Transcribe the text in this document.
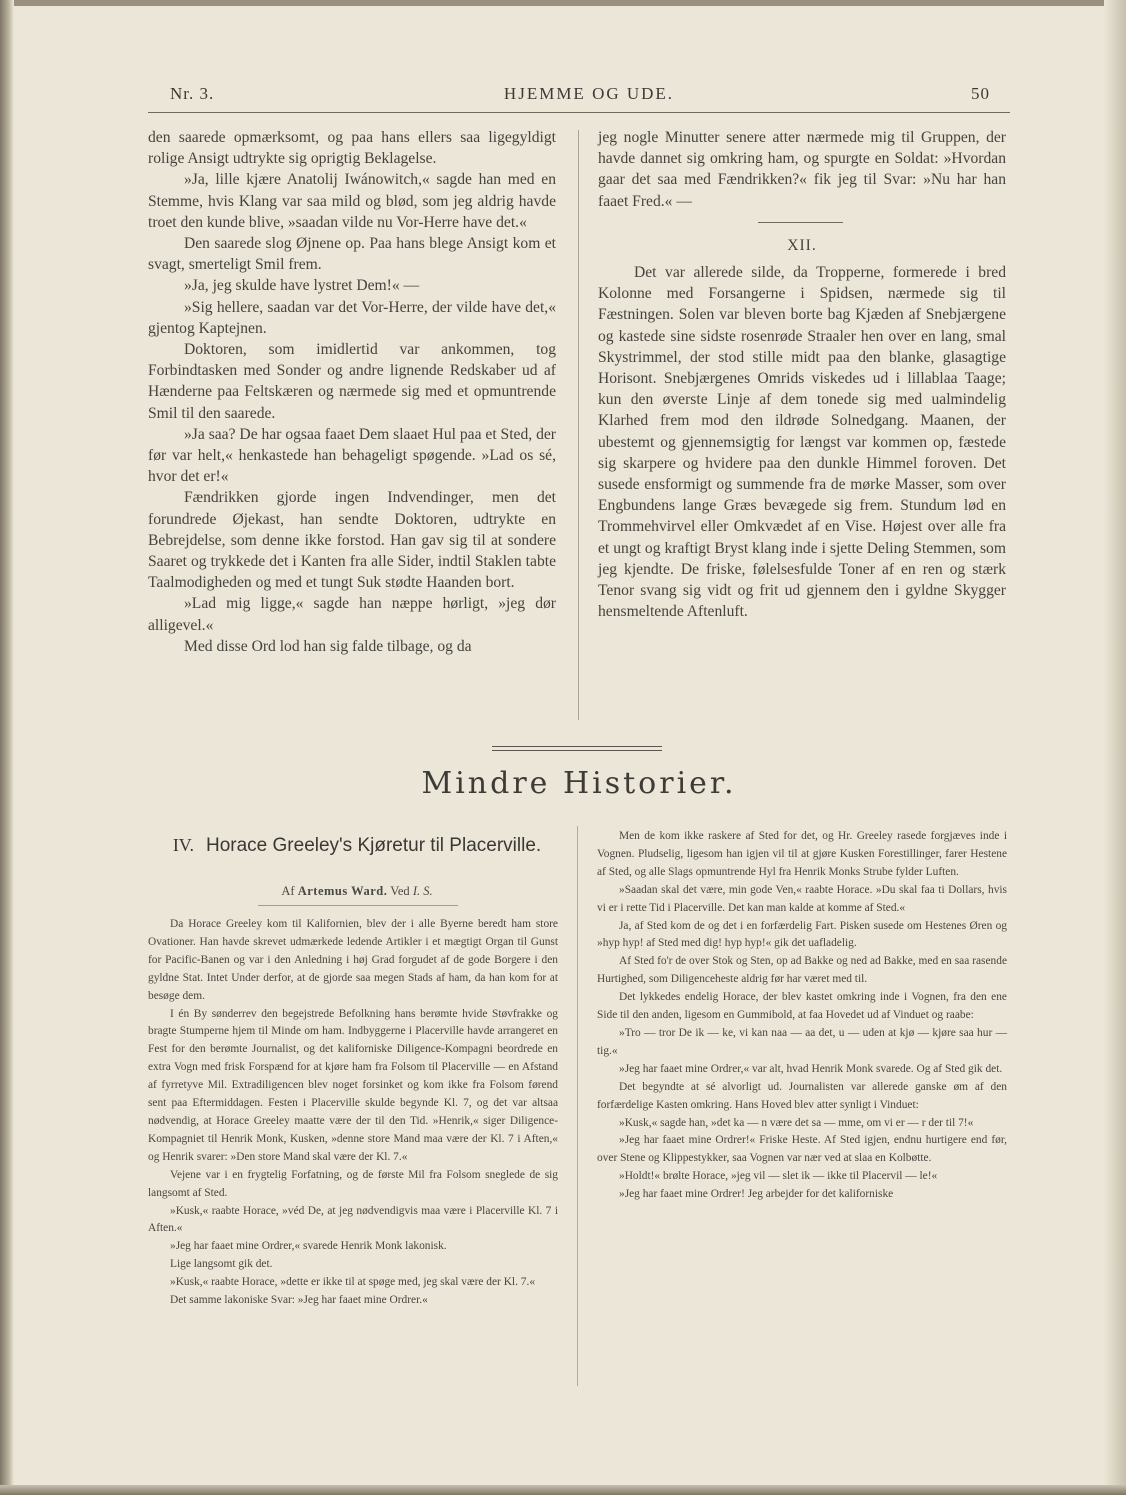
Nr. 3.	HJEMME OG UDE.	50

den saarede opmærksomt, og paa hans ellers saa ligegyldigt rolige Ansigt udtrykte sig oprigtig Beklagelse.

»Ja, lille kjære Anatolij Iwánowitch,« sagde han med en Stemme, hvis Klang var saa mild og blød, som jeg aldrig havde troet den kunde blive, »saadan vilde nu Vor-Herre have det.«

Den saarede slog Øjnene op. Paa hans blege Ansigt kom et svagt, smerteligt Smil frem.

»Ja, jeg skulde have lystret Dem!« —

»Sig hellere, saadan var det Vor-Herre, der vilde have det,« gjentog Kaptejnen.

Doktoren, som imidlertid var ankommen, tog Forbindtasken med Sonder og andre lignende Redskaber ud af Hænderne paa Feltskæren og nærmede sig med et opmuntrende Smil til den saarede.

»Ja saa? De har ogsaa faaet Dem slaaet Hul paa et Sted, der før var helt,« henkastede han behageligt spøgende. »Lad os sé, hvor det er!«

Fændrikken gjorde ingen Indvendinger, men det forundrede Øjekast, han sendte Doktoren, udtrykte en Bebrejdelse, som denne ikke forstod. Han gav sig til at sondere Saaret og trykkede det i Kanten fra alle Sider, indtil Staklen tabte Taalmodigheden og med et tungt Suk stødte Haanden bort.

»Lad mig ligge,« sagde han næppe hørligt, »jeg dør alligevel.«

Med disse Ord lod han sig falde tilbage, og da

jeg nogle Minutter senere atter nærmede mig til Gruppen, der havde dannet sig omkring ham, og spurgte en Soldat: »Hvordan gaar det saa med Fændrikken?« fik jeg til Svar: »Nu har han faaet Fred.« —

XII.

Det var allerede silde, da Tropperne, formerede i bred Kolonne med Forsangerne i Spidsen, nærmede sig til Fæstningen. Solen var bleven borte bag Kjæden af Snebjærgene og kastede sine sidste rosenrøde Straaler hen over en lang, smal Skystrimmel, der stod stille midt paa den blanke, glasagtige Horisont. Snebjærgenes Omrids viskedes ud i lillablaa Taage; kun den øverste Linje af dem tonede sig med ualmindelig Klarhed frem mod den ildrøde Solnedgang. Maanen, der ubestemt og gjennemsigtig for længst var kommen op, fæstede sig skarpere og hvidere paa den dunkle Himmel foroven. Det susede ensformigt og summende fra de mørke Masser, som over Engbundens lange Græs bevægede sig frem. Stundum lød en Trommehvirvel eller Omkvædet af en Vise. Højest over alle fra et ungt og kraftigt Bryst klang inde i sjette Deling Stemmen, som jeg kjendte. De friske, følelsesfulde Toner af en ren og stærk Tenor svang sig vidt og frit ud gjennem den i gyldne Skygger hensmeltende Aftenluft.

Mindre Historier.
IV. Horace Greeley's Kjøretur til Placerville.
Af Artemus Ward. Ved I. S.

Da Horace Greeley kom til Kalifornien, blev der i alle Byerne beredt ham store Ovationer. Han havde skrevet udmærkede ledende Artikler i et mægtigt Organ til Gunst for Pacific-Banen og var i den Anledning i høj Grad forgudet af de gode Borgere i den gyldne Stat. Intet Under derfor, at de gjorde saa megen Stads af ham, da han kom for at besøge dem.

I én By sønderrev den begejstrede Befolkning hans berømte hvide Støvfrakke og bragte Stumperne hjem til Minde om ham. Indbyggerne i Placerville havde arrangeret en Fest for den berømte Journalist, og det kaliforniske Diligence-Kompagni beordrede en extra Vogn med frisk Forspænd for at kjøre ham fra Folsom til Placerville — en Afstand af fyrretyve Mil. Extradiligencen blev noget forsinket og kom ikke fra Folsom førend sent paa Eftermiddagen. Festen i Placerville skulde begynde Kl. 7, og det var altsaa nødvendig, at Horace Greeley maatte være der til den Tid. »Henrik,« siger Diligence-Kompagniet til Henrik Monk, Kusken, »denne store Mand maa være der Kl. 7 i Aften,« og Henrik svarer: »Den store Mand skal være der Kl. 7.«

Vejene var i en frygtelig Forfatning, og de første Mil fra Folsom sneglede de sig langsomt af Sted.

»Kusk,« raabte Horace, »véd De, at jeg nødvendigvis maa være i Placerville Kl. 7 i Aften.«

»Jeg har faaet mine Ordrer,« svarede Henrik Monk lakonisk.

Lige langsomt gik det.

»Kusk,« raabte Horace, »dette er ikke til at spøge med, jeg skal være der Kl. 7.«

Det samme lakoniske Svar: »Jeg har faaet mine Ordrer.«

Men de kom ikke raskere af Sted for det, og Hr. Greeley rasede forgjæves inde i Vognen. Pludselig, ligesom han igjen vil til at gjøre Kusken Forestillinger, farer Hestene af Sted, og alle Slags opmuntrende Hyl fra Henrik Monks Strube fylder Luften.

»Saadan skal det være, min gode Ven,« raabte Horace. »Du skal faa ti Dollars, hvis vi er i rette Tid i Placerville. Det kan man kalde at komme af Sted.«

Ja, af Sted kom de og det i en forfærdelig Fart. Pisken susede om Hestenes Øren og »hyp hyp! af Sted med dig! hyp hyp!« gik det uafladelig.

Af Sted fo'r de over Stok og Sten, op ad Bakke og ned ad Bakke, med en saa rasende Hurtighed, som Diligenceheste aldrig før har været med til.

Det lykkedes endelig Horace, der blev kastet omkring inde i Vognen, fra den ene Side til den anden, ligesom en Gummibold, at faa Hovedet ud af Vinduet og raabe:

»Tro — tror De ik — ke, vi kan naa — aa det, u — uden at kjø — kjøre saa hur — tig.«

»Jeg har faaet mine Ordrer,« var alt, hvad Henrik Monk svarede. Og af Sted gik det.

Det begyndte at sé alvorligt ud. Journalisten var allerede ganske øm af den forfærdelige Kasten omkring. Hans Hoved blev atter synligt i Vinduet:

»Kusk,« sagde han, »det ka — n være det sa — mme, om vi er — r der til 7!«

»Jeg har faaet mine Ordrer!« Friske Heste. Af Sted igjen, endnu hurtigere end før, over Stene og Klippestykker, saa Vognen var nær ved at slaa en Kolbøtte.

»Holdt!« brølte Horace, »jeg vil — slet ik — ikke til Placervil — le!«

»Jeg har faaet mine Ordrer! Jeg arbejder for det kaliforniske
